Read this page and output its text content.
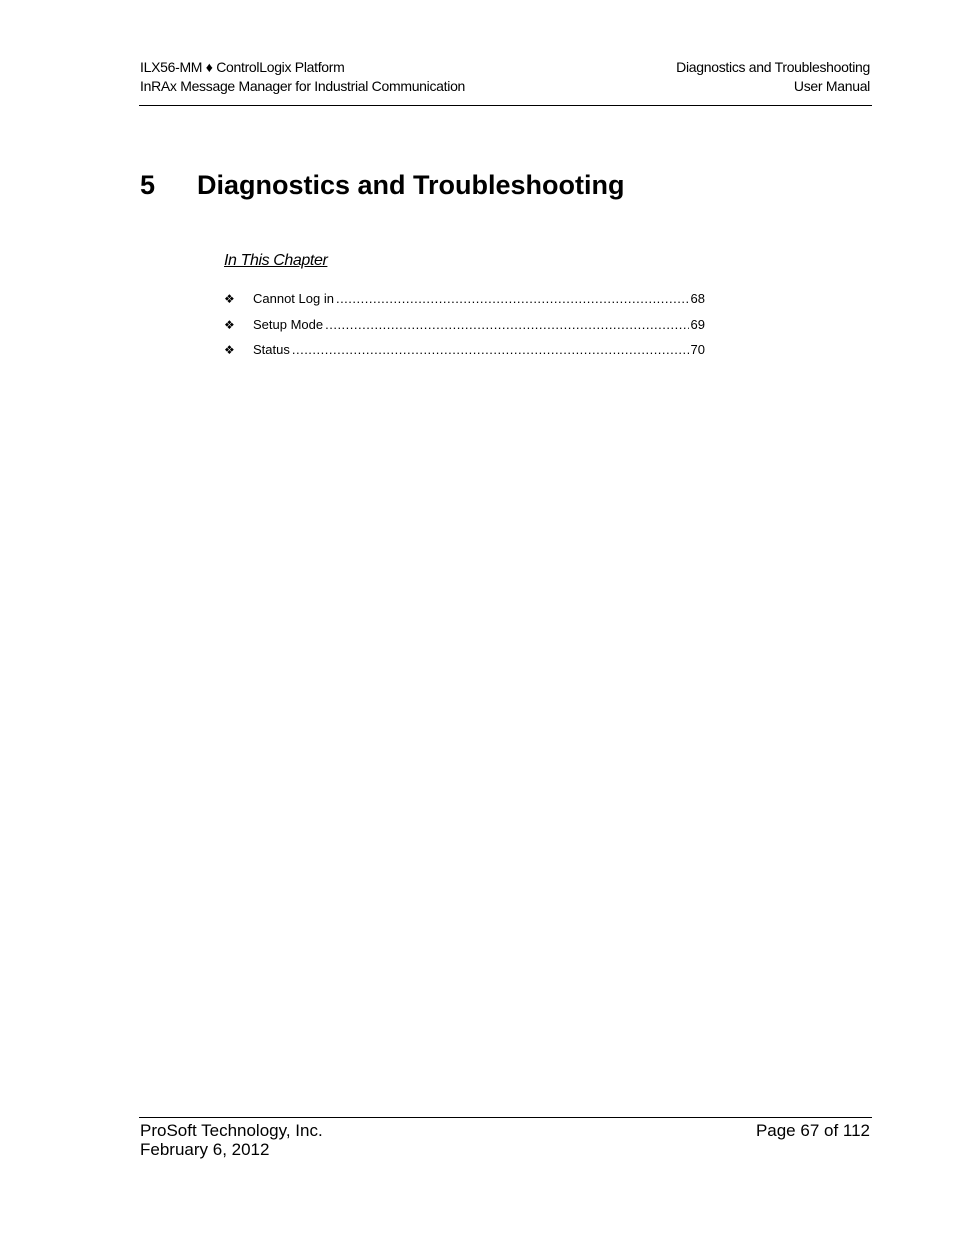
ILX56-MM ♦ ControlLogix Platform
InRAx Message Manager for Industrial Communication
Diagnostics and Troubleshooting
User Manual
5 Diagnostics and Troubleshooting
In This Chapter
❖	Cannot Log in .....	68
❖	Setup Mode .....	69
❖	Status .....	70
ProSoft Technology, Inc.
February 6, 2012
Page 67 of 112
